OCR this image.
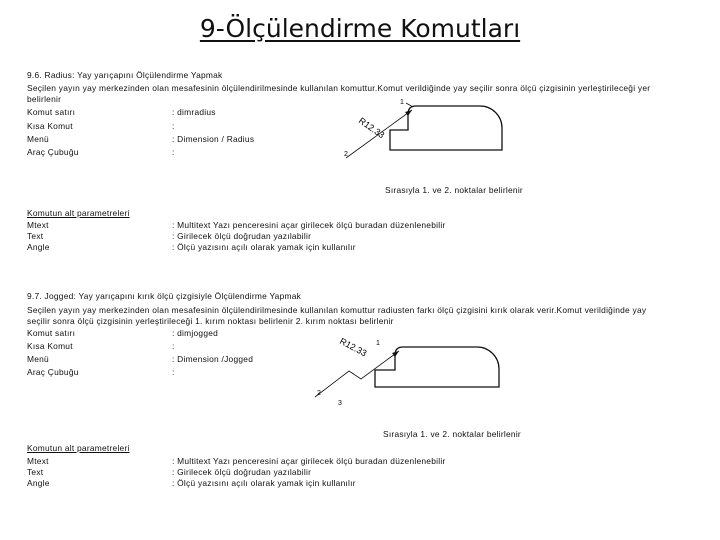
9-Ölçülendirme Komutları
9.6. Radius: Yay yarıçapını Ölçülendirme Yapmak
Seçilen yayın yay merkezinden olan mesafesinin ölçülendirilmesinde kullanılan komuttur.Komut verildiğinde yay seçilir sonra ölçü çizgisinin yerleştirileceği yer
belirlenir
Komut satırı	: dimradius
Kısa Komut	:
Menü	: Dimension / Radius
Araç Çubuğu	:
R12.33
1
2
Sırasıyla 1. ve 2. noktalar belirlenir
Komutun alt parametreleri
Mtext	: Multitext Yazı penceresini açar girilecek ölçü buradan düzenlenebilir
Text	: Girilecek ölçü doğrudan yazılabilir
Angle	: Ölçü yazısını açılı olarak yamak için kullanılır
9.7. Jogged: Yay yarıçapını kırık ölçü çizgisiyle Ölçülendirme Yapmak
Seçilen yayın yay merkezinden olan mesafesinin ölçülendirilmesinde kullanılan komuttur radiusten farkı ölçü çizgisini kırık olarak verir.Komut verildiğinde yay
seçilir sonra ölçü çizgisinin yerleştirileceği 1. kırım noktası belirlenir 2. kırım noktası belirlenir
Komut satırı	: dimjogged
Kısa Komut	:
Menü	: Dimension /Jogged
Araç Çubuğu	:
R12.33 1
2
3
Sırasıyla 1. ve 2. noktalar belirlenir
Komutun alt parametreleri
Mtext	: Multitext Yazı penceresini açar girilecek ölçü buradan düzenlenebilir
Text	: Girilecek ölçü doğrudan yazılabilir
Angle	: Ölçü yazısını açılı olarak yamak için kullanılır
